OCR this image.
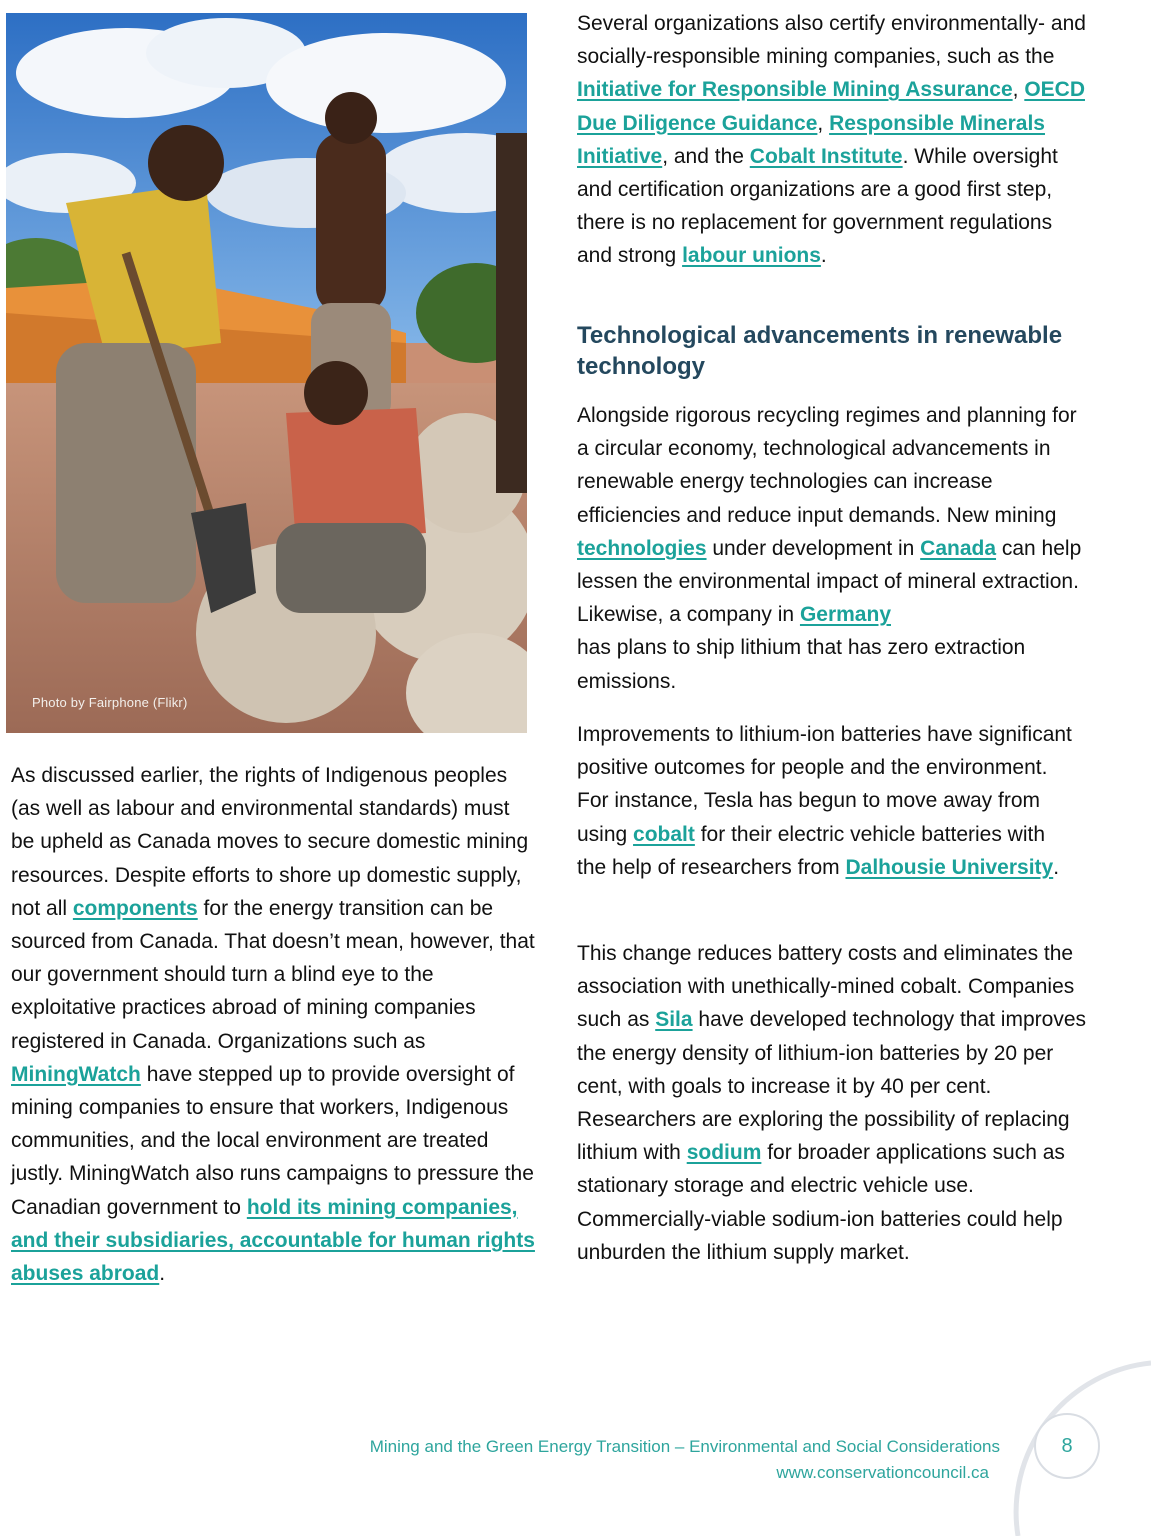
Photo by Fairphone (Flikr)

As discussed earlier, the rights of Indigenous peoples (as well as labour and environmental standards) must be upheld as Canada moves to secure domestic mining resources. Despite efforts to shore up domestic supply, not all components for the energy transition can be sourced from Canada. That doesn’t mean, however, that our government should turn a blind eye to the exploitative practices abroad of mining companies registered in Canada. Organizations such as MiningWatch have stepped up to provide oversight of mining companies to ensure that workers, Indigenous communities, and the local environment are treated justly. MiningWatch also runs campaigns to pressure the Canadian government to hold its mining companies, and their subsidiaries, accountable for human rights abuses abroad.

Several organizations also certify environmentally- and socially-responsible mining companies, such as the Initiative for Responsible Mining Assurance, OECD Due Diligence Guidance, Responsible Minerals Initiative, and the Cobalt Institute. While oversight and certification organizations are a good first step, there is no replacement for government regulations and strong labour unions.

Technological advancements in renewable technology

Alongside rigorous recycling regimes and planning for a circular economy, technological advancements in renewable energy technologies can increase efficiencies and reduce input demands. New mining technologies under development in Canada can help lessen the environmental impact of mineral extraction. Likewise, a company in Germany
has plans to ship lithium that has zero extraction emissions.

Improvements to lithium-ion batteries have significant positive outcomes for people and the environment. For instance, Tesla has begun to move away from using cobalt for their electric vehicle batteries with the help of researchers from Dalhousie University.

This change reduces battery costs and eliminates the association with unethically-mined cobalt. Companies such as Sila have developed technology that improves the energy density of lithium-ion batteries by 20 per cent, with goals to increase it by 40 per cent. Researchers are exploring the possibility of replacing lithium with sodium for broader applications such as stationary storage and electric vehicle use. Commercially-viable sodium-ion batteries could help unburden the lithium supply market.

Mining and the Green Energy Transition – Environmental and Social Considerations
www.conservationcouncil.ca
8
